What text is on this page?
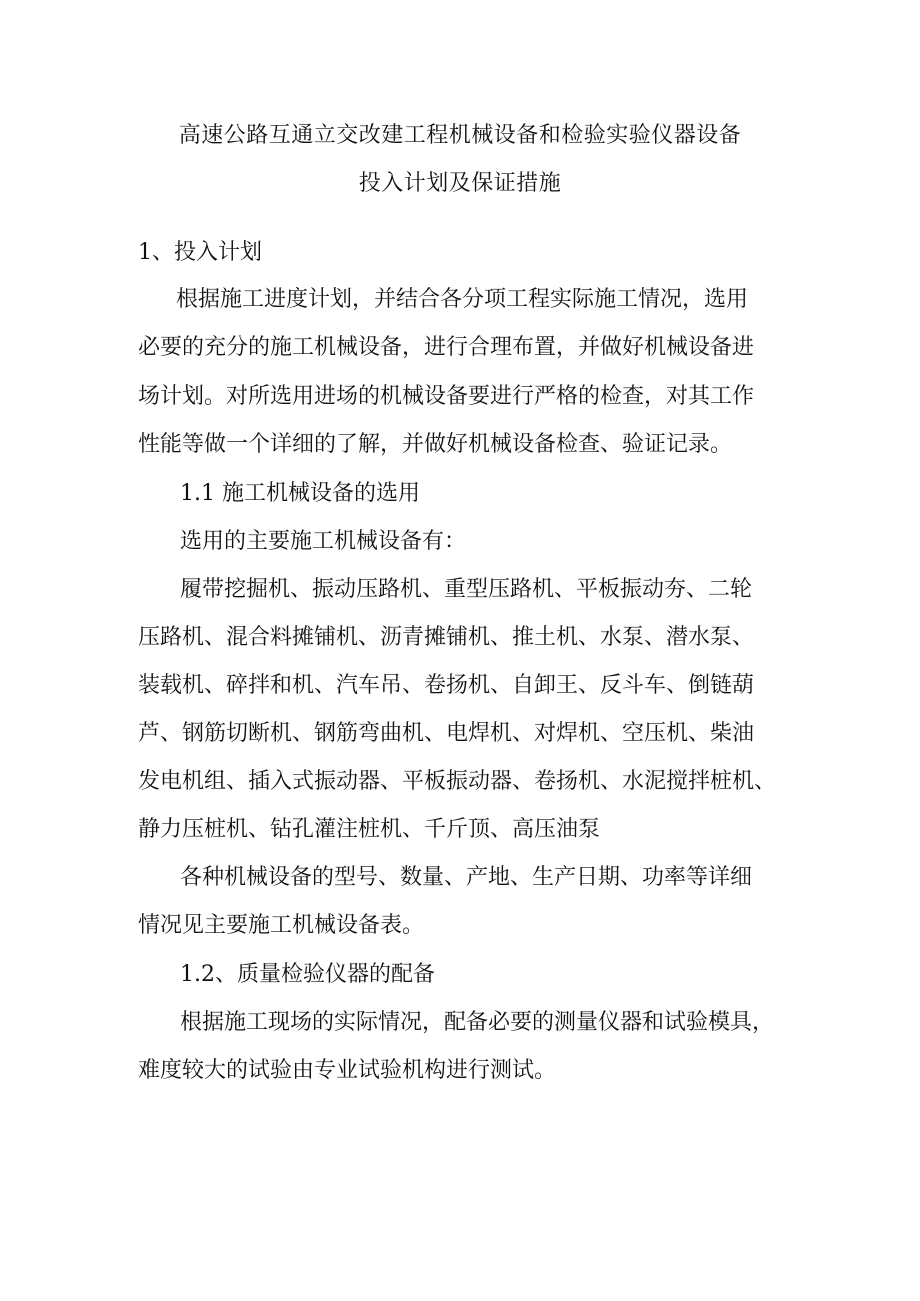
高速公路互通立交改建工程机械设备和检验实验仪器设备
投入计划及保证措施
1、投入计划
根据施工进度计划，并结合各分项工程实际施工情况，选用
必要的充分的施工机械设备，进行合理布置，并做好机械设备进
场计划。对所选用进场的机械设备要进行严格的检查，对其工作
性能等做一个详细的了解，并做好机械设备检查、验证记录。
1.1 施工机械设备的选用
选用的主要施工机械设备有：
履带挖掘机、振动压路机、重型压路机、平板振动夯、二轮
压路机、混合料摊铺机、沥青摊铺机、推土机、水泵、潜水泵、
装载机、碎拌和机、汽车吊、卷扬机、自卸王、反斗车、倒链葫
芦、钢筋切断机、钢筋弯曲机、电焊机、对焊机、空压机、柴油
发电机组、插入式振动器、平板振动器、卷扬机、水泥搅拌桩机、
静力压桩机、钻孔灌注桩机、千斤顶、高压油泵
各种机械设备的型号、数量、产地、生产日期、功率等详细
情况见主要施工机械设备表。
1.2、质量检验仪器的配备
根据施工现场的实际情况，配备必要的测量仪器和试验模具，
难度较大的试验由专业试验机构进行测试。
